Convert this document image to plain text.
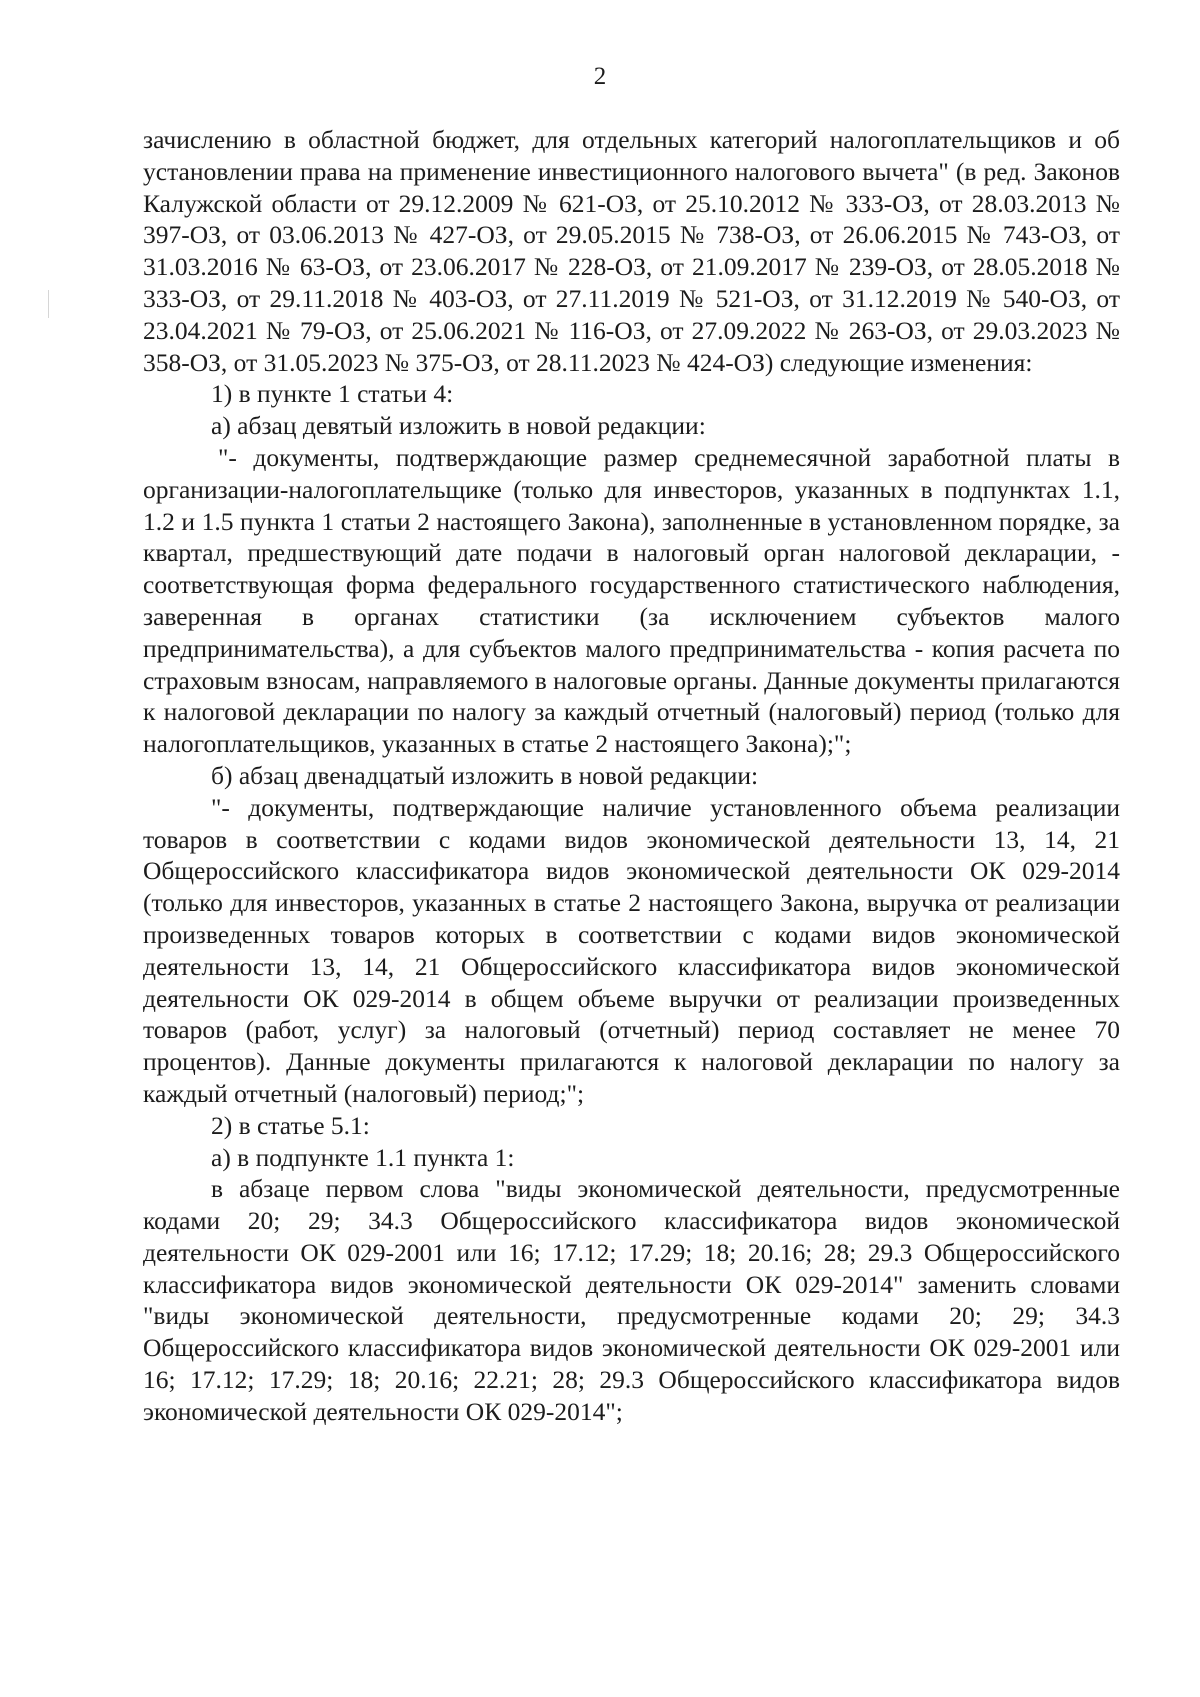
2

зачислению в областной бюджет, для отдельных категорий налогоплательщиков и об установлении права на применение инвестиционного налогового вычета" (в ред. Законов Калужской области от 29.12.2009 № 621-ОЗ, от 25.10.2012 № 333-ОЗ, от 28.03.2013 № 397-ОЗ, от 03.06.2013 № 427-ОЗ, от 29.05.2015 № 738-ОЗ, от 26.06.2015 № 743-ОЗ, от 31.03.2016 № 63-ОЗ, от 23.06.2017 № 228-ОЗ, от 21.09.2017 № 239-ОЗ, от 28.05.2018 № 333-ОЗ, от 29.11.2018 № 403-ОЗ, от 27.11.2019 № 521-ОЗ, от 31.12.2019 № 540-ОЗ, от 23.04.2021 № 79-ОЗ, от 25.06.2021 № 116-ОЗ, от 27.09.2022 № 263-ОЗ, от 29.03.2023 № 358-ОЗ, от 31.05.2023 № 375-ОЗ, от 28.11.2023 № 424-ОЗ) следующие изменения:

1) в пункте 1 статьи 4:

а) абзац девятый изложить в новой редакции:

"- документы, подтверждающие размер среднемесячной заработной платы в организации-налогоплательщике (только для инвесторов, указанных в подпунктах 1.1, 1.2 и 1.5 пункта 1 статьи 2 настоящего Закона), заполненные в установленном порядке, за квартал, предшествующий дате подачи в налоговый орган налоговой декларации, - соответствующая форма федерального государственного статистического наблюдения, заверенная в органах статистики (за исключением субъектов малого предпринимательства), а для субъектов малого предпринимательства - копия расчета по страховым взносам, направляемого в налоговые органы. Данные документы прилагаются к налоговой декларации по налогу за каждый отчетный (налоговый) период (только для налогоплательщиков, указанных в статье 2 настоящего Закона);";

б) абзац двенадцатый изложить в новой редакции:

"- документы, подтверждающие наличие установленного объема реализации товаров в соответствии с кодами видов экономической деятельности 13, 14, 21 Общероссийского классификатора видов экономической деятельности ОК 029-2014 (только для инвесторов, указанных в статье 2 настоящего Закона, выручка от реализации произведенных товаров которых в соответствии с кодами видов экономической деятельности 13, 14, 21 Общероссийского классификатора видов экономической деятельности ОК 029-2014 в общем объеме выручки от реализации произведенных товаров (работ, услуг) за налоговый (отчетный) период составляет не менее 70 процентов). Данные документы прилагаются к налоговой декларации по налогу за каждый отчетный (налоговый) период;";

2) в статье 5.1:

а) в подпункте 1.1 пункта 1:

в абзаце первом слова "виды экономической деятельности, предусмотренные кодами 20; 29; 34.3 Общероссийского классификатора видов экономической деятельности ОК 029-2001 или 16; 17.12; 17.29; 18; 20.16; 28; 29.3 Общероссийского классификатора видов экономической деятельности ОК 029-2014" заменить словами "виды экономической деятельности, предусмотренные кодами 20; 29; 34.3 Общероссийского классификатора видов экономической деятельности ОК 029-2001 или 16; 17.12; 17.29; 18; 20.16; 22.21; 28; 29.3 Общероссийского классификатора видов экономической деятельности ОК 029-2014";
